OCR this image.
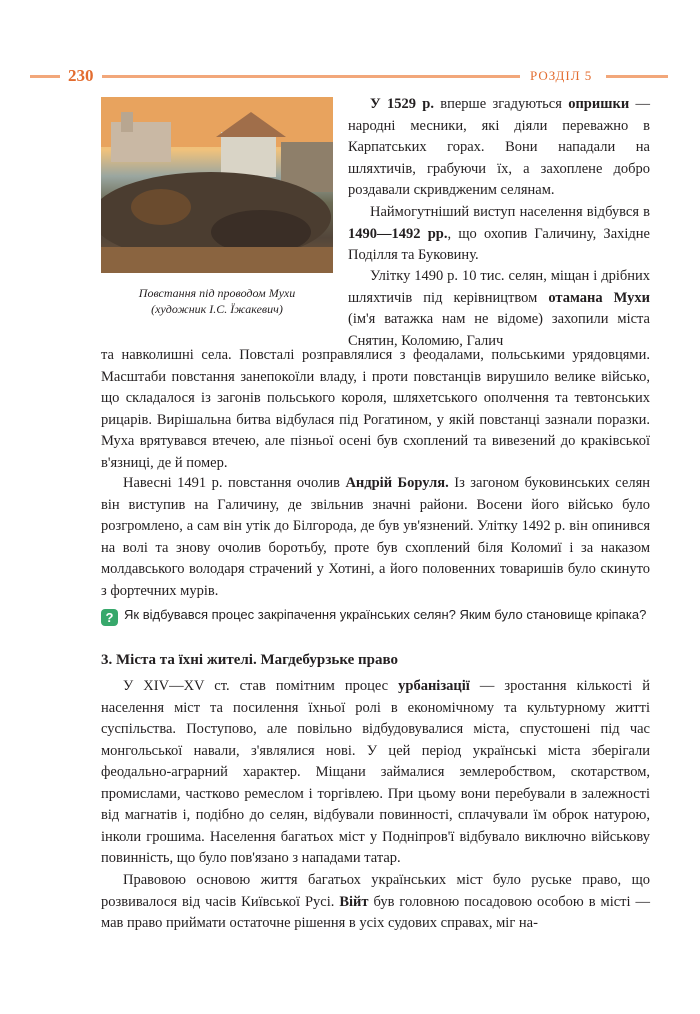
230	РОЗДІЛ 5
Повстання під проводом Мухи
(художник І.С. Їжакевич)

У 1529 р. вперше згадуються опришки — народні месники, які діяли переважно в Карпатських горах. Вони нападали на шляхтичів, грабуючи їх, а захоплене добро роздавали скривдженим селянам.

Наймогутніший виступ населення відбувся в 1490—1492 рр., що охопив Галичину, Західне Поділля та Буковину.

Улітку 1490 р. 10 тис. селян, міщан і дрібних шляхтичів під керівництвом отамана Мухи (ім'я ватажка нам не відоме) захопили міста Снятин, Коломию, Галич

та навколишні села. Повсталі розправлялися з феодалами, польськими урядовцями. Масштаби повстання занепокоїли владу, і проти повстанців вирушило велике військо, що складалося із загонів польського короля, шляхетського ополчення та тевтонських рицарів. Вирішальна битва відбулася під Рогатином, у якій повстанці зазнали поразки. Муха врятувався втечею, але пізньої осені був схоплений та вивезений до краківської в'язниці, де й помер.

Навесні 1491 р. повстання очолив Андрій Боруля. Із загоном буковинських селян він виступив на Галичину, де звільнив значні райони. Восени його військо було розгромлено, а сам він утік до Білгорода, де був ув'язнений. Улітку 1492 р. він опинився на волі та знову очолив боротьбу, проте був схоплений біля Коломиї і за наказом молдавського володаря страчений у Хотині, а його половенних товаришів було скинуто з фортечних мурів.

? Як відбувався процес закріпачення українських селян? Яким було становище кріпака?
3. Міста та їхні жителі. Магдебурзьке право

У XIV—XV ст. став помітним процес урбанізації — зростання кількості й населення міст та посилення їхньої ролі в економічному та культурному житті суспільства. Поступово, але повільно відбудовувалися міста, спустошені під час монгольської навали, з'являлися нові. У цей період українські міста зберігали феодально-аграрний характер. Міщани займалися землеробством, скотарством, промислами, частково ремеслом і торгівлею. При цьому вони перебували в залежності від магнатів і, подібно до селян, відбували повинності, сплачували їм оброк натурою, інколи грошима. Населення багатьох міст у Подніпров'ї відбувало виключно військову повинність, що було пов'язано з нападами татар.

Правовою основою життя багатьох українських міст було руське право, що розвивалося від часів Київської Русі. Війт був головною посадовою особою в місті — мав право приймати остаточне рішення в усіх судових справах, міг на-
